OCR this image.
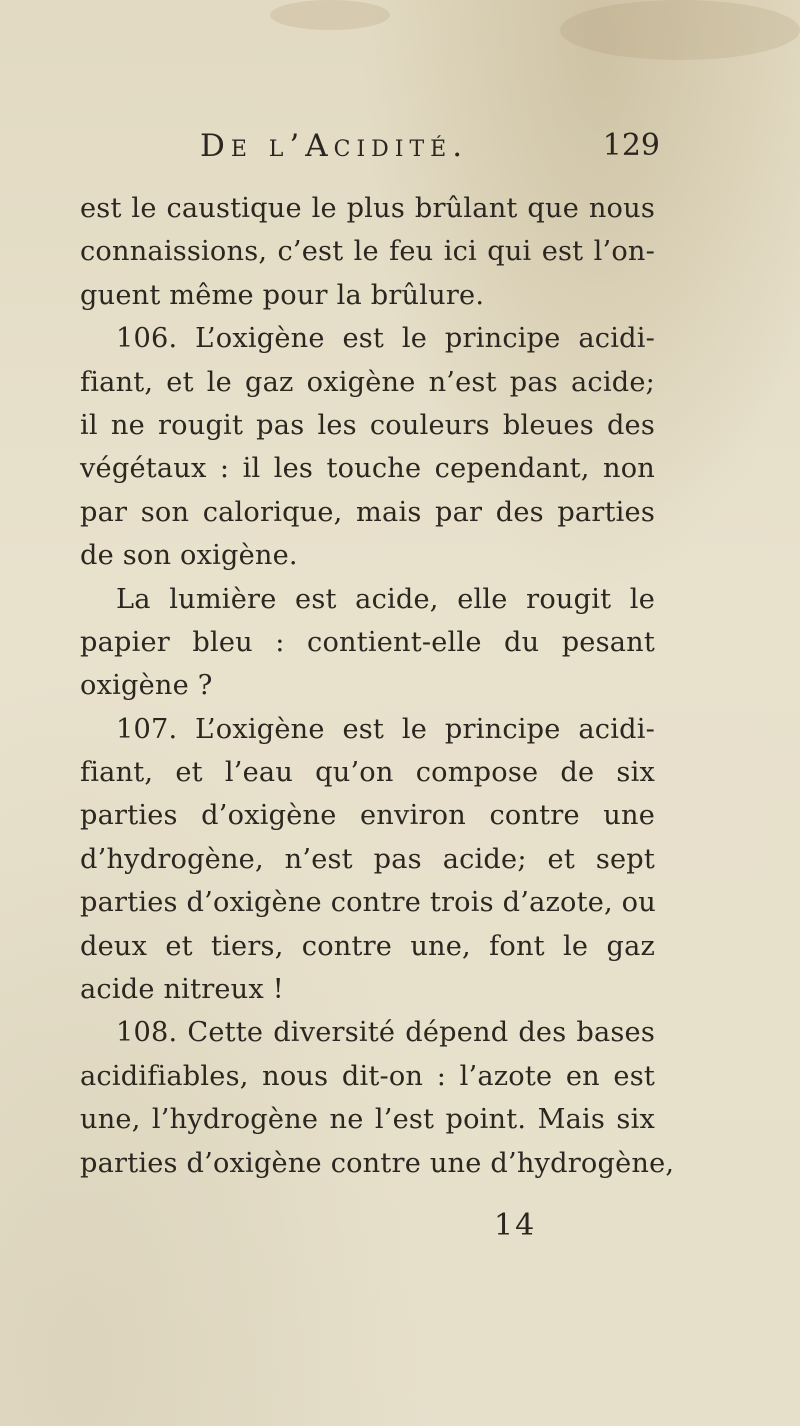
De l’Acidité.	129
est le caustique le plus brûlant que nous
connaissions, c’est le feu ici qui est l’on-
guent même pour la brûlure.
106. L’oxigène est le principe acidi-
fiant, et le gaz oxigène n’est pas acide;
il ne rougit pas les couleurs bleues des
végétaux : il les touche cependant, non
par son calorique, mais par des parties
de son oxigène.
La lumière est acide, elle rougit le
papier bleu : contient-elle du pesant
oxigène ?
107. L’oxigène est le principe acidi-
fiant, et l’eau qu’on compose de six
parties d’oxigène environ contre une
d’hydrogène, n’est pas acide; et sept
parties d’oxigène contre trois d’azote, ou
deux et tiers, contre une, font le gaz
acide nitreux !
108. Cette diversité dépend des bases
acidifiables, nous dit-on : l’azote en est
une, l’hydrogène ne l’est point. Mais six
parties d’oxigène contre une d’hydrogène,
14
